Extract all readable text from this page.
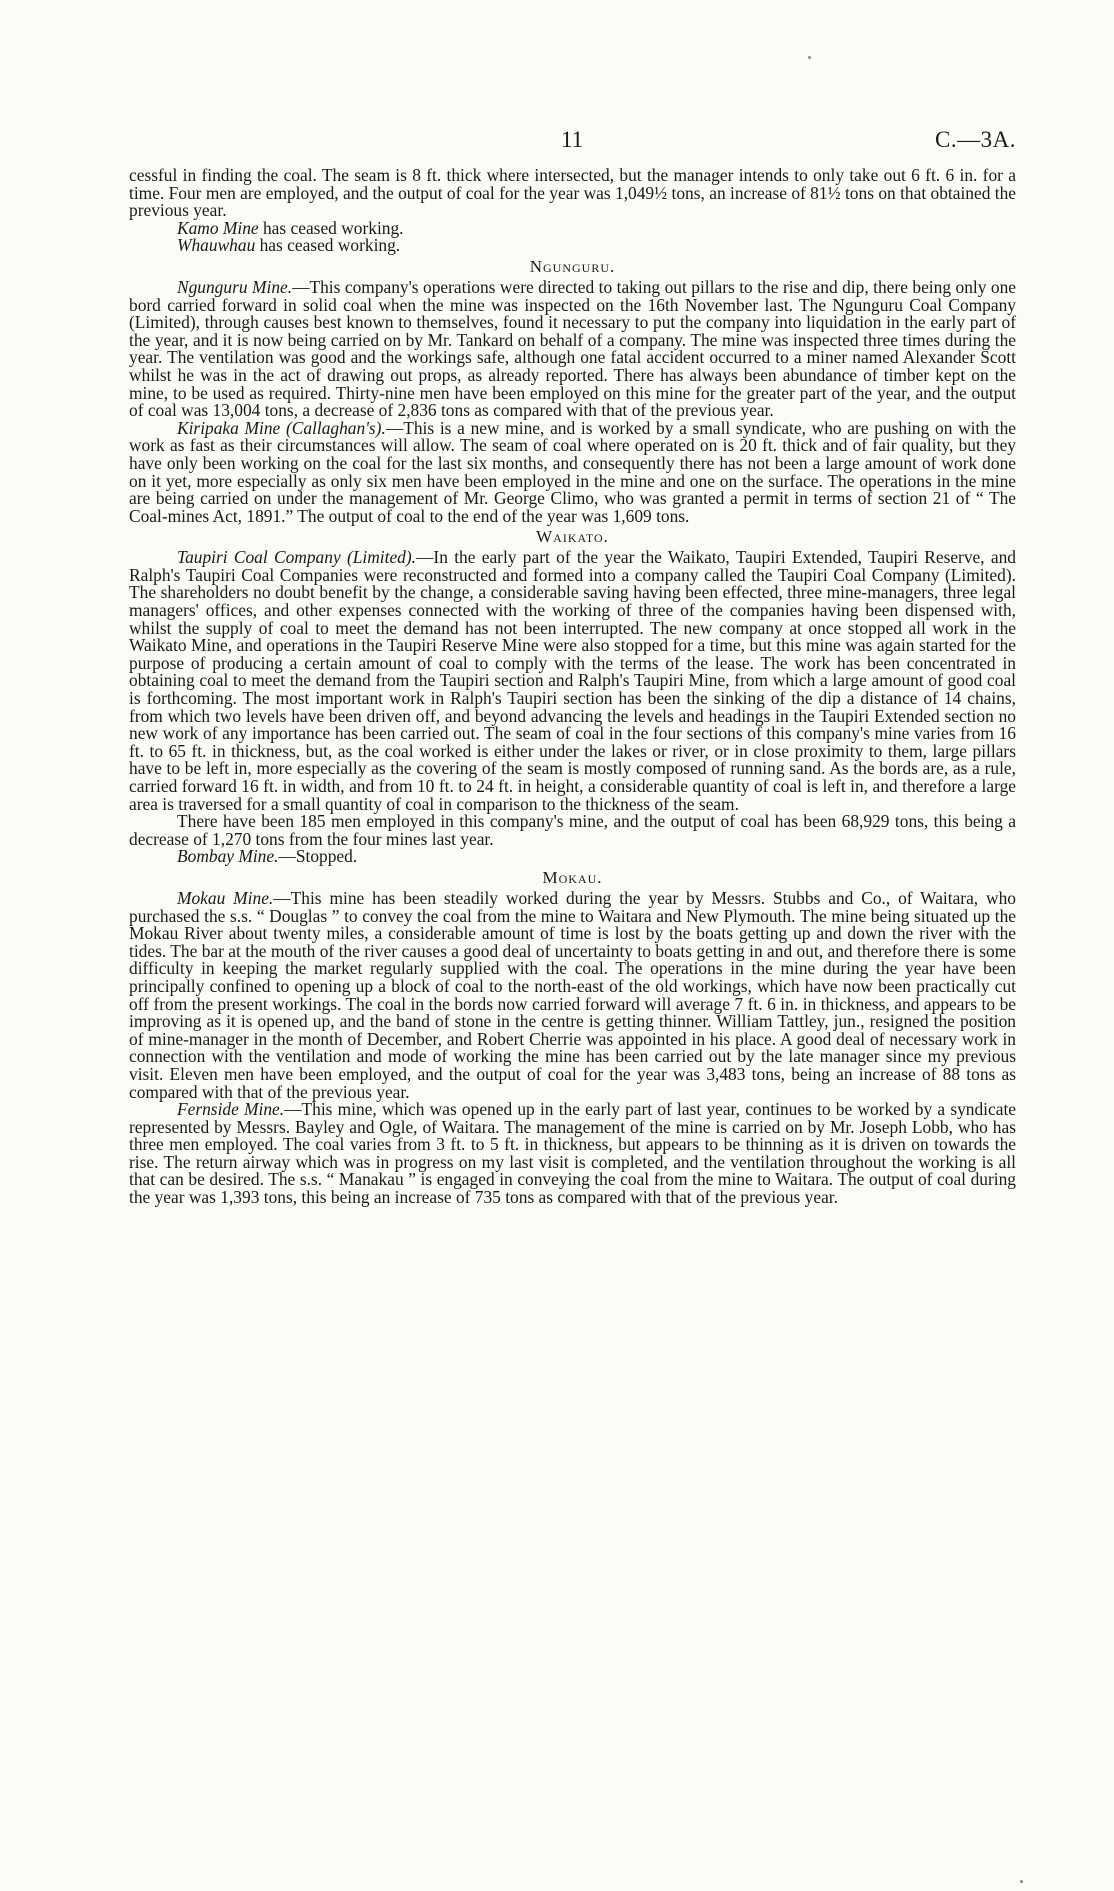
11	C.—3A.

cessful in finding the coal. The seam is 8 ft. thick where intersected, but the manager intends to only take out 6 ft. 6 in. for a time. Four men are employed, and the output of coal for the year was 1,049½ tons, an increase of 81½ tons on that obtained the previous year.

Kamo Mine has ceased working.

Whauwhau has ceased working.

Ngunguru.

Ngunguru Mine.—This company's operations were directed to taking out pillars to the rise and dip, there being only one bord carried forward in solid coal when the mine was inspected on the 16th November last. The Ngunguru Coal Company (Limited), through causes best known to themselves, found it necessary to put the company into liquidation in the early part of the year, and it is now being carried on by Mr. Tankard on behalf of a company. The mine was inspected three times during the year. The ventilation was good and the workings safe, although one fatal accident occurred to a miner named Alexander Scott whilst he was in the act of drawing out props, as already reported. There has always been abundance of timber kept on the mine, to be used as required. Thirty-nine men have been employed on this mine for the greater part of the year, and the output of coal was 13,004 tons, a decrease of 2,836 tons as compared with that of the previous year.

Kiripaka Mine (Callaghan's).—This is a new mine, and is worked by a small syndicate, who are pushing on with the work as fast as their circumstances will allow. The seam of coal where operated on is 20 ft. thick and of fair quality, but they have only been working on the coal for the last six months, and consequently there has not been a large amount of work done on it yet, more especially as only six men have been employed in the mine and one on the surface. The operations in the mine are being carried on under the management of Mr. George Climo, who was granted a permit in terms of section 21 of “ The Coal-mines Act, 1891.” The output of coal to the end of the year was 1,609 tons.

Waikato.

Taupiri Coal Company (Limited).—In the early part of the year the Waikato, Taupiri Extended, Taupiri Reserve, and Ralph's Taupiri Coal Companies were reconstructed and formed into a company called the Taupiri Coal Company (Limited). The shareholders no doubt benefit by the change, a considerable saving having been effected, three mine-managers, three legal managers' offices, and other expenses connected with the working of three of the companies having been dispensed with, whilst the supply of coal to meet the demand has not been interrupted. The new company at once stopped all work in the Waikato Mine, and operations in the Taupiri Reserve Mine were also stopped for a time, but this mine was again started for the purpose of producing a certain amount of coal to comply with the terms of the lease. The work has been concentrated in obtaining coal to meet the demand from the Taupiri section and Ralph's Taupiri Mine, from which a large amount of good coal is forthcoming. The most important work in Ralph's Taupiri section has been the sinking of the dip a distance of 14 chains, from which two levels have been driven off, and beyond advancing the levels and headings in the Taupiri Extended section no new work of any importance has been carried out. The seam of coal in the four sections of this company's mine varies from 16 ft. to 65 ft. in thickness, but, as the coal worked is either under the lakes or river, or in close proximity to them, large pillars have to be left in, more especially as the covering of the seam is mostly composed of running sand. As the bords are, as a rule, carried forward 16 ft. in width, and from 10 ft. to 24 ft. in height, a considerable quantity of coal is left in, and therefore a large area is traversed for a small quantity of coal in comparison to the thickness of the seam.

There have been 185 men employed in this company's mine, and the output of coal has been 68,929 tons, this being a decrease of 1,270 tons from the four mines last year.

Bombay Mine.—Stopped.

Mokau.

Mokau Mine.—This mine has been steadily worked during the year by Messrs. Stubbs and Co., of Waitara, who purchased the s.s. “ Douglas ” to convey the coal from the mine to Waitara and New Plymouth. The mine being situated up the Mokau River about twenty miles, a considerable amount of time is lost by the boats getting up and down the river with the tides. The bar at the mouth of the river causes a good deal of uncertainty to boats getting in and out, and therefore there is some difficulty in keeping the market regularly supplied with the coal. The operations in the mine during the year have been principally confined to opening up a block of coal to the north-east of the old workings, which have now been practically cut off from the present workings. The coal in the bords now carried forward will average 7 ft. 6 in. in thickness, and appears to be improving as it is opened up, and the band of stone in the centre is getting thinner. William Tattley, jun., resigned the position of mine-manager in the month of December, and Robert Cherrie was appointed in his place. A good deal of necessary work in connection with the ventilation and mode of working the mine has been carried out by the late manager since my previous visit. Eleven men have been employed, and the output of coal for the year was 3,483 tons, being an increase of 88 tons as compared with that of the previous year.

Fernside Mine.—This mine, which was opened up in the early part of last year, continues to be worked by a syndicate represented by Messrs. Bayley and Ogle, of Waitara. The management of the mine is carried on by Mr. Joseph Lobb, who has three men employed. The coal varies from 3 ft. to 5 ft. in thickness, but appears to be thinning as it is driven on towards the rise. The return airway which was in progress on my last visit is completed, and the ventilation throughout the working is all that can be desired. The s.s. “ Manakau ” is engaged in conveying the coal from the mine to Waitara. The output of coal during the year was 1,393 tons, this being an increase of 735 tons as compared with that of the previous year.
